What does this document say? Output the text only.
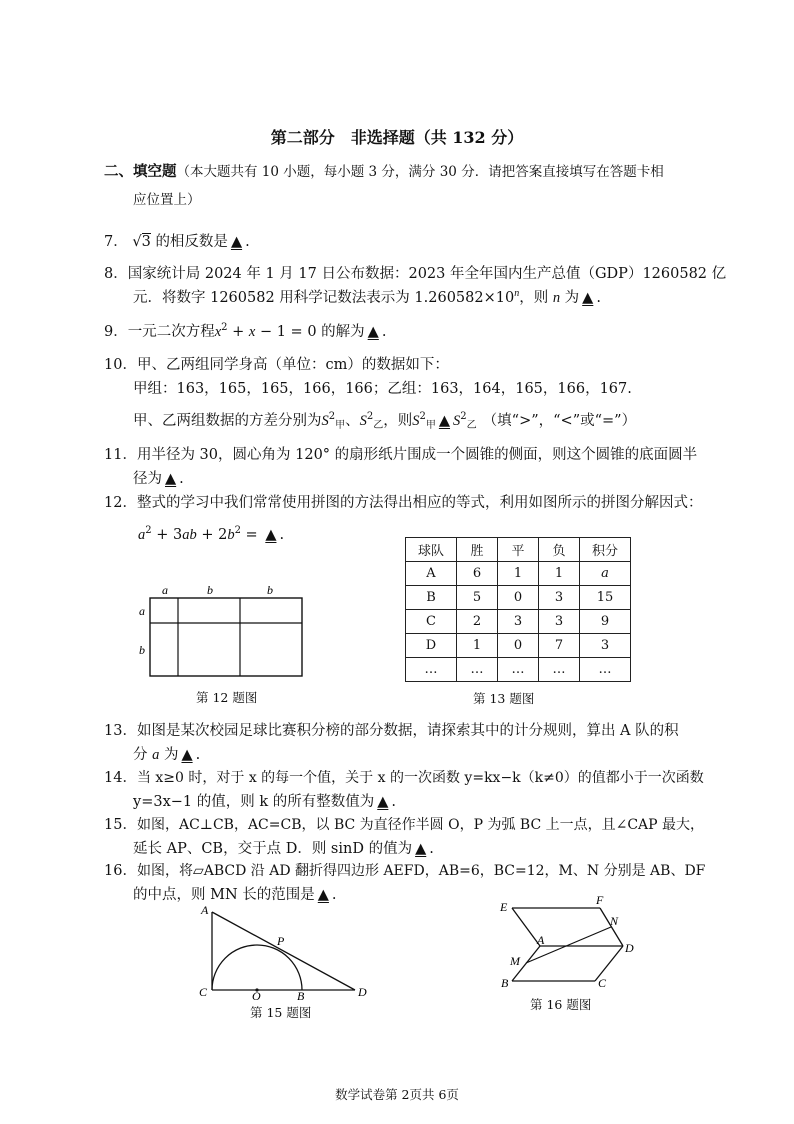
第二部分　非选择题（共 132 分）
二、填空题（本大题共有 10 小题，每小题 3 分，满分 30 分．请把答案直接填写在答题卡相
应位置上）
7． √3 的相反数是 ▲ .
8．国家统计局 2024 年 1 月 17 日公布数据：2023 年全年国内生产总值（GDP）1260582 亿
元．将数字 1260582 用科学记数法表示为 $1.260582\times 10^n$，则 n 为 ▲ .
9．一元二次方程$x^2 + x - 1 = 0$ 的解为 ▲ .
10．甲、乙两组同学身高（单位：cm）的数据如下：
甲组：163，165，165，166，166；乙组：163，164，165，166，167.
甲、乙两组数据的方差分别为$S^2_甲$、$S^2_乙$，则$S^2_甲$ ▲ $S^2_乙$ （填“>”，“<”或“=”）
11．用半径为 30，圆心角为 120° 的扇形纸片围成一个圆锥的侧面，则这个圆锥的底面圆半
径为 ▲ .
12．整式的学习中我们常常使用拼图的方法得出相应的等式，利用如图所示的拼图分解因式：
$a^2 + 3ab + 2b^2$ = ▲ .
a	b	b
a
b
第 12 题图
球队	胜	平	负	积分
A	6	1	1	a
B	5	0	3	15
C	2	3	3	9
D	1	0	7	3
…	…	…	…	…
第 13 题图
13．如图是某次校园足球比赛积分榜的部分数据，请探索其中的计分规则，算出 A 队的积
分 a 为 ▲ .
14．当 x≥0 时，对于 x 的每一个值，关于 x 的一次函数 y=kx−k（k≠0）的值都小于一次函数
y=3x−1 的值，则 k 的所有整数值为 ▲ .
15．如图，AC⊥CB，AC=CB，以 BC 为直径作半圆 O，P 为弧 BC 上一点，且∠CAP 最大，
延长 AP、CB，交于点 D．则 sinD 的值为 ▲ .
16．如图，将▱ABCD 沿 AD 翻折得四边形 AEFD，AB=6，BC=12，M、N 分别是 AB、DF
的中点，则 MN 长的范围是 ▲ .
A
P
C	O	B	D
第 15 题图
E	F
N
A
D
M
B	C
第 16 题图
数学试卷第 2页共 6页
